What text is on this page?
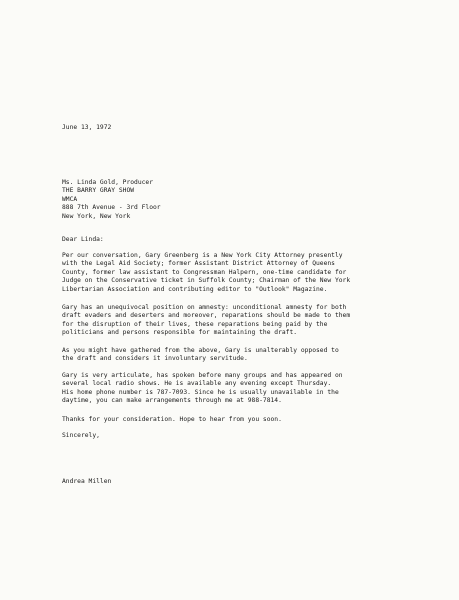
June 13, 1972
Ms. Linda Gold, Producer
THE BARRY GRAY SHOW
WMCA
888 7th Avenue - 3rd Floor
New York, New York
Dear Linda:
Per our conversation, Gary Greenberg is a New York City Attorney presently
with the Legal Aid Society; former Assistant District Attorney of Queens
County, former law assistant to Congressman Halpern, one-time candidate for
Judge on the Conservative ticket in Suffolk County; Chairman of the New York
Libertarian Association and contributing editor to "Outlook" Magazine.
Gary has an unequivocal position on amnesty: unconditional amnesty for both
draft evaders and deserters and moreover, reparations should be made to them
for the disruption of their lives, these reparations being paid by the
politicians and persons responsible for maintaining the draft.
As you might have gathered from the above, Gary is unalterably opposed to
the draft and considers it involuntary servitude.
Gary is very articulate, has spoken before many groups and has appeared on
several local radio shows. He is available any evening except Thursday.
His home phone number is 787-7093. Since he is usually unavailable in the
daytime, you can make arrangements through me at 988-7814.
Thanks for your consideration. Hope to hear from you soon.
Sincerely,
Andrea Millen
